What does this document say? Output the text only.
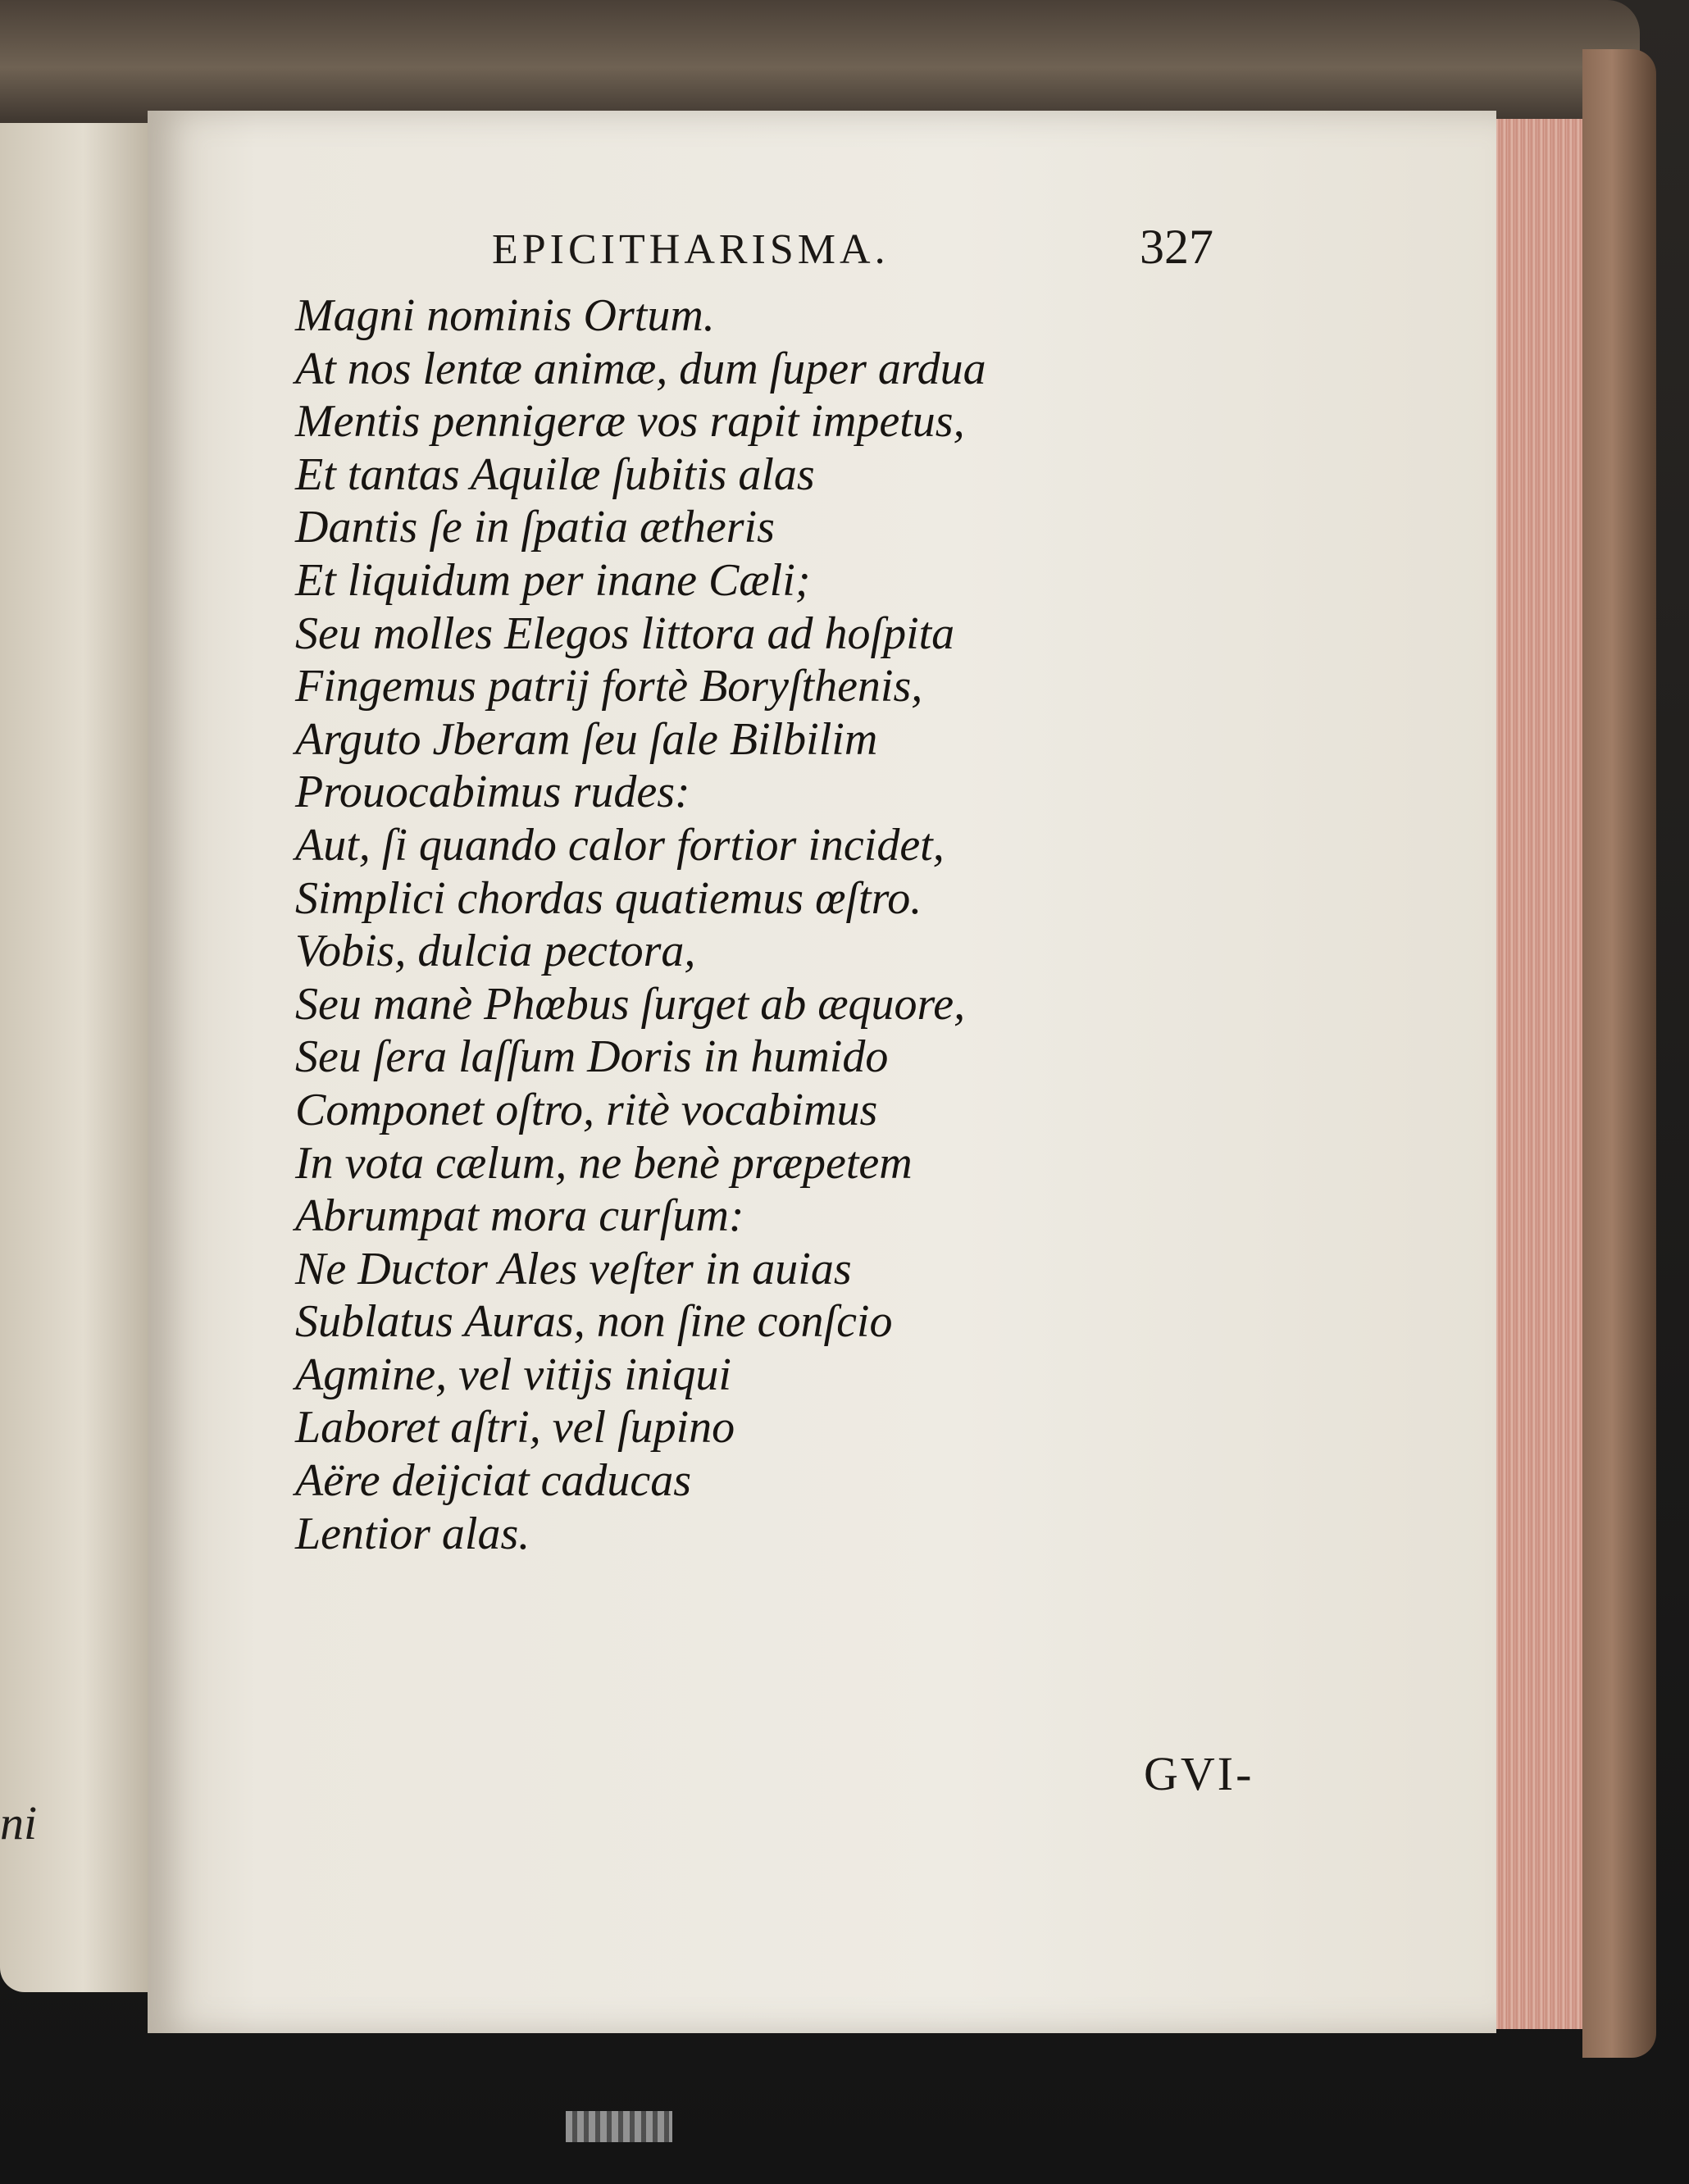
ni
EPICITHARISMA.	327
Magni nominis Ortum.
At nos lentæ animæ, dum ſuper ardua
Mentis pennigeræ vos rapit impetus,
Et tantas Aquilæ ſubitis alas
Dantis ſe in ſpatia ætheris
Et liquidum per inane Cæli;
Seu molles Elegos littora ad hoſpita
Fingemus patrij fortè Boryſthenis,
Arguto Jberam ſeu ſale Bilbilim
Prouocabimus rudes:
Aut, ſi quando calor fortior incidet,
Simplici chordas quatiemus œſtro.
Vobis, dulcia pectora,
Seu manè Phœbus ſurget ab æquore,
Seu ſera laſſum Doris in humido
Componet oſtro, ritè vocabimus
In vota cælum, ne benè præpetem
Abrumpat mora curſum:
Ne Ductor Ales veſter in auias
Sublatus Auras, non ſine conſcio
Agmine, vel vitijs iniqui
Laboret aſtri, vel ſupino
Aëre deijciat caducas
Lentior alas.
GVI-
